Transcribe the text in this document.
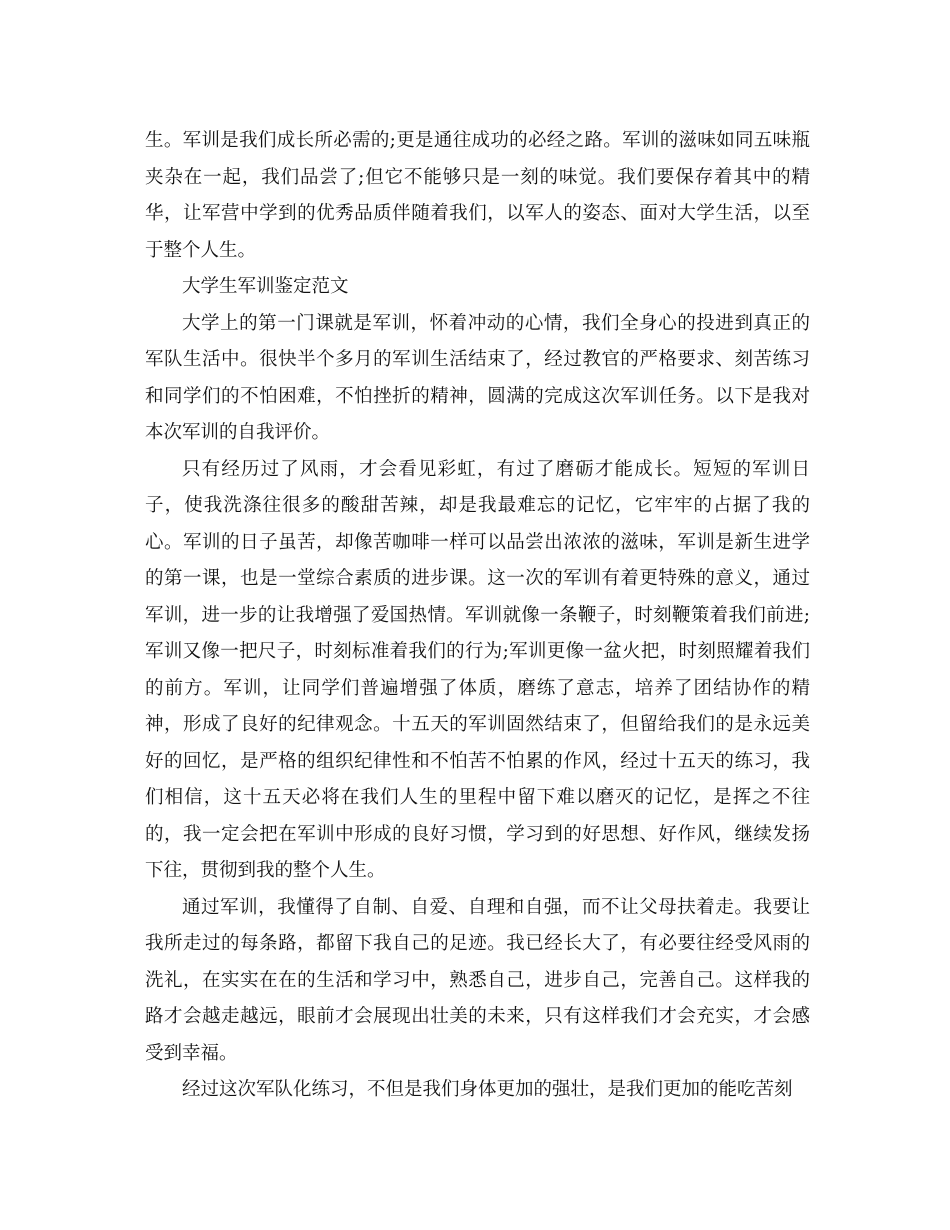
生。军训是我们成长所必需的;更是通往成功的必经之路。军训的滋味如同五味瓶夹杂在一起，我们品尝了;但它不能够只是一刻的味觉。我们要保存着其中的精华，让军营中学到的优秀品质伴随着我们，以军人的姿态、面对大学生活，以至于整个人生。

大学生军训鉴定范文

大学上的第一门课就是军训，怀着冲动的心情，我们全身心的投进到真正的军队生活中。很快半个多月的军训生活结束了，经过教官的严格要求、刻苦练习和同学们的不怕困难，不怕挫折的精神，圆满的完成这次军训任务。以下是我对本次军训的自我评价。

只有经历过了风雨，才会看见彩虹，有过了磨砺才能成长。短短的军训日子，使我洗涤往很多的酸甜苦辣，却是我最难忘的记忆，它牢牢的占据了我的心。军训的日子虽苦，却像苦咖啡一样可以品尝出浓浓的滋味，军训是新生进学的第一课，也是一堂综合素质的进步课。这一次的军训有着更特殊的意义，通过军训，进一步的让我增强了爱国热情。军训就像一条鞭子，时刻鞭策着我们前进;军训又像一把尺子，时刻标准着我们的行为;军训更像一盆火把，时刻照耀着我们的前方。军训，让同学们普遍增强了体质，磨练了意志，培养了团结协作的精神，形成了良好的纪律观念。十五天的军训固然结束了，但留给我们的是永远美好的回忆，是严格的组织纪律性和不怕苦不怕累的作风，经过十五天的练习，我们相信，这十五天必将在我们人生的里程中留下难以磨灭的记忆，是挥之不往的，我一定会把在军训中形成的良好习惯，学习到的好思想、好作风，继续发扬下往，贯彻到我的整个人生。

通过军训，我懂得了自制、自爱、自理和自强，而不让父母扶着走。我要让我所走过的每条路，都留下我自己的足迹。我已经长大了，有必要往经受风雨的洗礼，在实实在在的生活和学习中，熟悉自己，进步自己，完善自己。这样我的路才会越走越远，眼前才会展现出壮美的未来，只有这样我们才会充实，才会感受到幸福。

经过这次军队化练习，不但是我们身体更加的强壮，是我们更加的能吃苦刻
